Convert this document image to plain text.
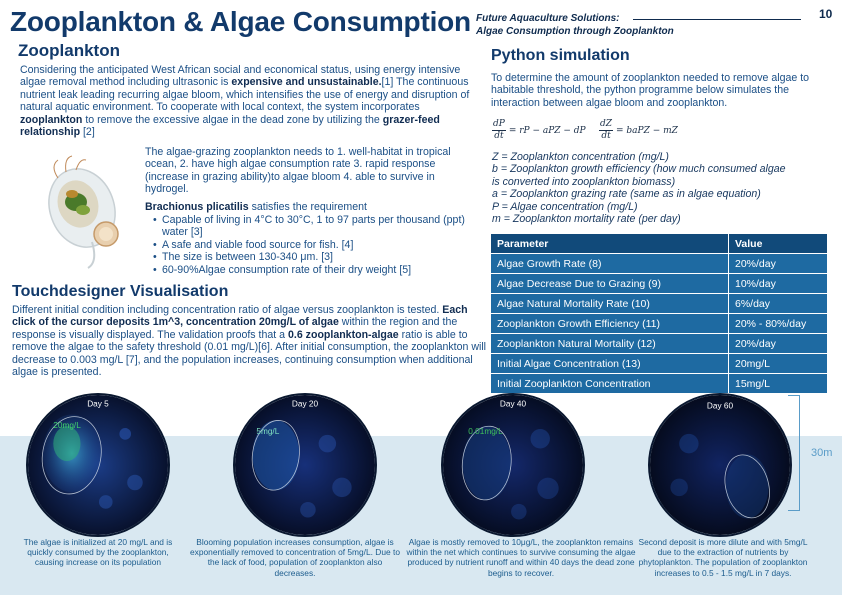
Zooplankton & Algae Consumption Future Aquaculture Solutions:
Algae Consumption through Zooplankton
10
Zooplankton
Considering the anticipated West African social and economical status, using energy intensive algae removal method including ultrasonic is expensive and unsustainable.[1] The continuous nutrient leak leading recurring algae bloom, which intensifies the use of energy and disruption of natural aquatic environment. To cooperate with local context, the system incorporates zooplankton to remove the excessive algae in the dead zone by utilizing the grazer-feed relationship [2]
The algae-grazing zooplankton needs to 1. well-habitat in tropical ocean, 2. have high algae consumption rate 3. rapid response (increase in grazing ability)to algae bloom 4. able to survive in hydrogel.
Brachionus plicatilis satisfies the requirement
• Capable of living in 4°C to 30°C, 1 to 97 parts per thousand (ppt) water [3]
• A safe and viable food source for fish. [4]
• The size is between 130-340 μm. [3]
• 60-90%Algae consumption rate of their dry weight [5]
Touchdesigner Visualisation
Different initial condition including concentration ratio of algae versus zooplankton is tested. Each click of the cursor deposits 1m^3, concentration 20mg/L of algae within the region and the response is visually displayed. The validation proofs that a 0.6 zooplankton-algae ratio is able to remove the algae to the safety threshold (0.01 mg/L)[6]. After initial consumption, the zooplankton will decrease to 0.003 mg/L [7], and the population increases, continuing consumption when additional algae is presented.
Python simulation
To determine the amount of zooplankton needed to remove algae to habitable threshold, the python programme below simulates the interaction between algae bloom and zooplankton.
$\frac{dP}{dt}$ = rP − aPZ − dP $\frac{dZ}{dt}$ = baPZ − mZ
Z = Zooplankton concentration (mg/L)
b = Zooplankton growth efficiency (how much consumed algae
is converted into zooplankton biomass)
a = Zooplankton grazing rate (same as in algae equation)
P = Algae concentration (mg/L)
m = Zooplankton mortality rate (per day)
Parameter	Value
Algae Growth Rate (8)	20%/day
Algae Decrease Due to Grazing (9)	10%/day
Algae Natural Mortality Rate (10)	6%/day
Zooplankton Growth Efficiency (11)	20% - 80%/day
Zooplankton Natural Mortality (12)	20%/day
Initial Algae Concentration (13)	20mg/L
Initial Zooplankton Concentration	15mg/L
Day 5
20mg/L
The algae is initialized at 20 mg/L and is quickly consumed by the zooplankton, causing increase on its population
Day 20
5mg/L
Blooming population increases consumption, algae is exponentially removed to concentration of 5mg/L. Due to the lack of food, population of zooplankton also decreases.
Day 40
0.01mg/L
Algae is mostly removed to 10μg/L, the zooplankton remains within the net which continues to survive consuming the algae produced by nutrient runoff and within 40 days the dead zone begins to recover.
Day 60
Second deposit is more dilute and with 5mg/L due to the extraction of nutrients by phytoplankton. The population of zooplankton increases to 0.5 - 1.5 mg/L in 7 days.
30m
